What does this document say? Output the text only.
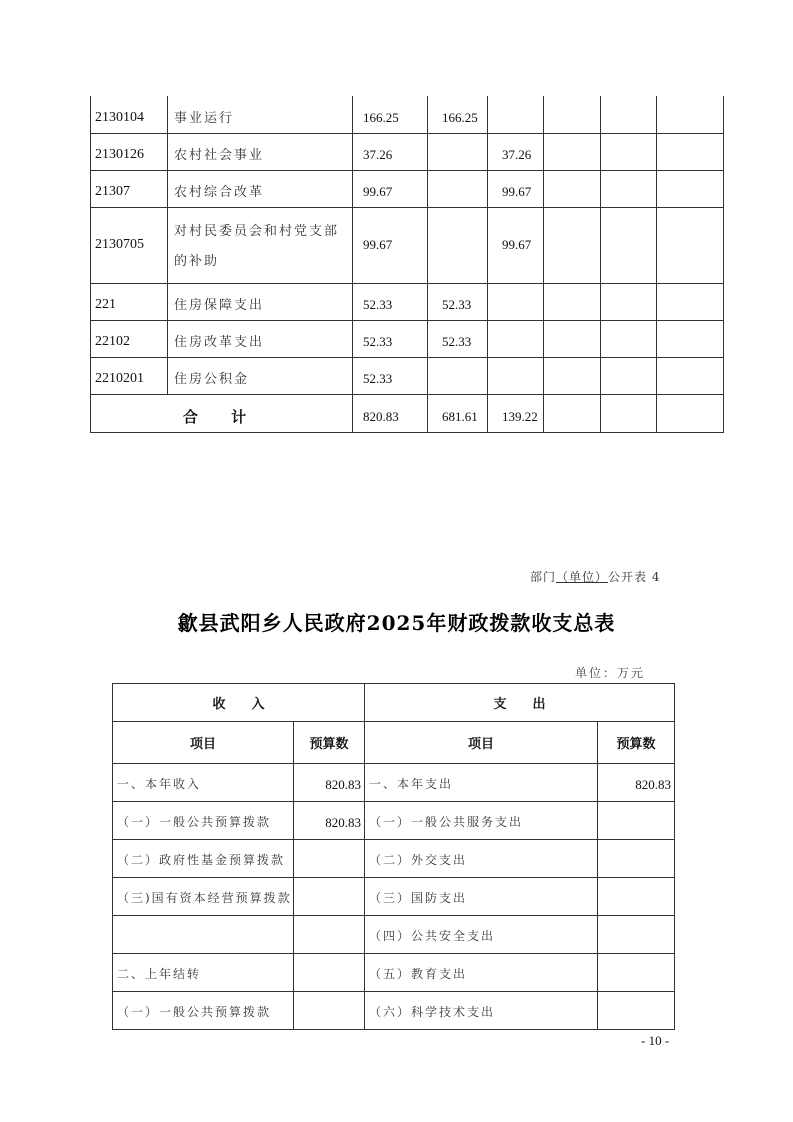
2130104	事业运行	166.25	166.25				
2130126	农村社会事业	37.26		37.26			
21307	农村综合改革	99.67		99.67			
2130705	对村民委员会和村党支部
的补助	99.67		99.67			
221	住房保障支出	52.33	52.33				
22102	住房改革支出	52.33	52.33				
2210201	住房公积金	52.33					
合 计		820.83	681.61	139.22			
部门（单位）公开表 4
歙县武阳乡人民政府2025年财政拨款收支总表
单位：万元
收　　入		支　　出	
项目	预算数	项目	预算数
一、本年收入	820.83	一、本年支出	820.83
（一）一般公共预算拨款	820.83	（一）一般公共服务支出	
（二）政府性基金预算拨款		（二）外交支出	
（三)国有资本经营预算拨款		（三）国防支出	
		（四）公共安全支出	
二、上年结转		（五）教育支出	
（一）一般公共预算拨款		（六）科学技术支出	
- 10 -
